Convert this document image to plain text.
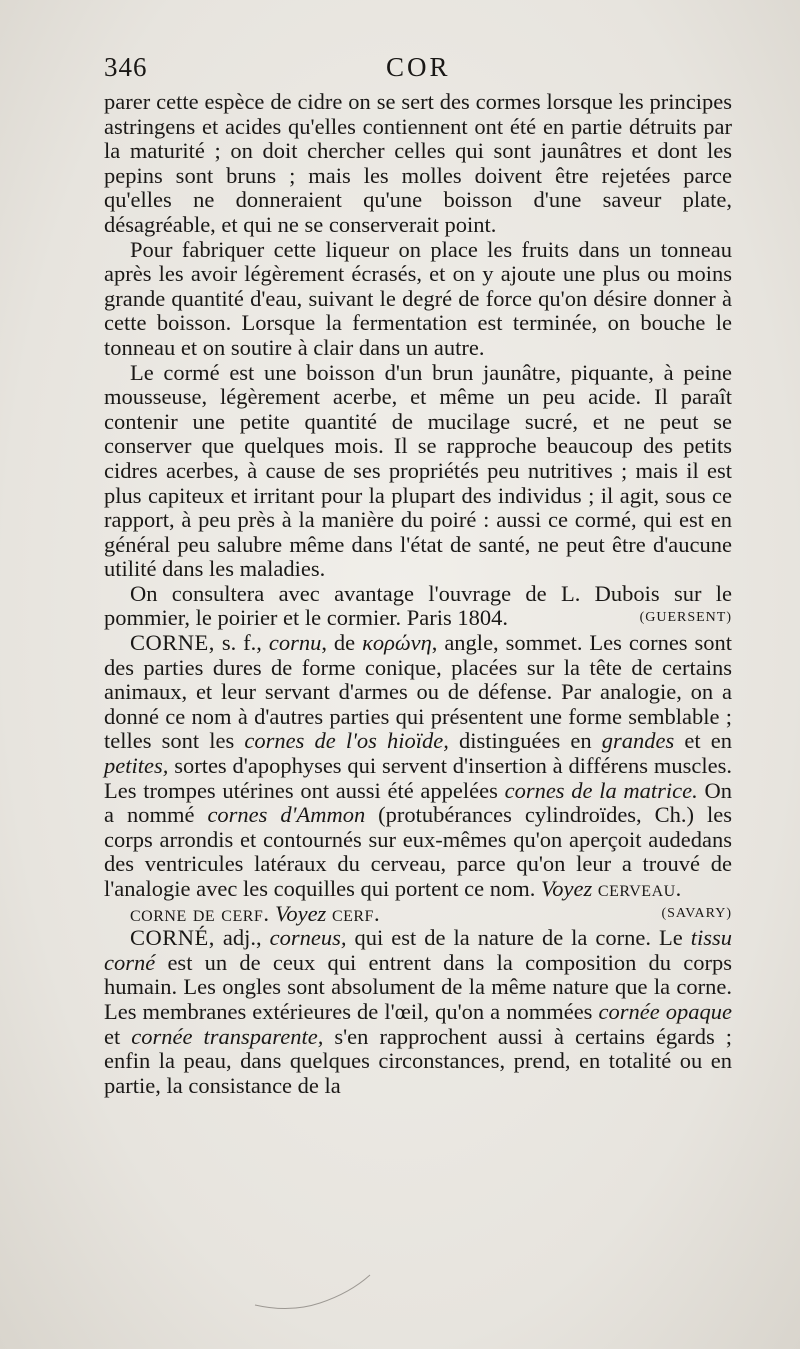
346	COR

parer cette espèce de cidre on se sert des cormes lorsque les principes astringens et acides qu'elles contiennent ont été en partie détruits par la maturité ; on doit chercher celles qui sont jaunâtres et dont les pepins sont bruns ; mais les molles doivent être rejetées parce qu'elles ne donneraient qu'une boisson d'une saveur plate, désagréable, et qui ne se conserverait point.

Pour fabriquer cette liqueur on place les fruits dans un tonneau après les avoir légèrement écrasés, et on y ajoute une plus ou moins grande quantité d'eau, suivant le degré de force qu'on désire donner à cette boisson. Lorsque la fermentation est terminée, on bouche le tonneau et on soutire à clair dans un autre.

Le cormé est une boisson d'un brun jaunâtre, piquante, à peine mousseuse, légèrement acerbe, et même un peu acide. Il paraît contenir une petite quantité de mucilage sucré, et ne peut se conserver que quelques mois. Il se rapproche beaucoup des petits cidres acerbes, à cause de ses propriétés peu nutritives ; mais il est plus capiteux et irritant pour la plupart des individus ; il agit, sous ce rapport, à peu près à la manière du poiré : aussi ce cormé, qui est en général peu salubre même dans l'état de santé, ne peut être d'aucune utilité dans les maladies.

On consultera avec avantage l'ouvrage de L. Dubois sur le pommier, le poirier et le cormier. Paris 1804.	(GUERSENT)

CORNE, s. f., cornu, de κορώνη, angle, sommet. Les cornes sont des parties dures de forme conique, placées sur la tête de certains animaux, et leur servant d'armes ou de défense. Par analogie, on a donné ce nom à d'autres parties qui présentent une forme semblable ; telles sont les cornes de l'os hioïde, distinguées en grandes et en petites, sortes d'apophyses qui servent d'insertion à différens muscles. Les trompes utérines ont aussi été appelées cornes de la matrice. On a nommé cornes d'Ammon (protubérances cylindroïdes, Ch.) les corps arrondis et contournés sur eux-mêmes qu'on aperçoit audedans des ventricules latéraux du cerveau, parce qu'on leur a trouvé de l'analogie avec les coquilles qui portent ce nom. Voyez cerveau.
(SAVARY)

corne de cerf. Voyez cerf.

CORNÉ, adj., corneus, qui est de la nature de la corne. Le tissu corné est un de ceux qui entrent dans la composition du corps humain. Les ongles sont absolument de la même nature que la corne. Les membranes extérieures de l'œil, qu'on a nommées cornée opaque et cornée transparente, s'en rapprochent aussi à certains égards ; enfin la peau, dans quelques circonstances, prend, en totalité ou en partie, la consistance de la
